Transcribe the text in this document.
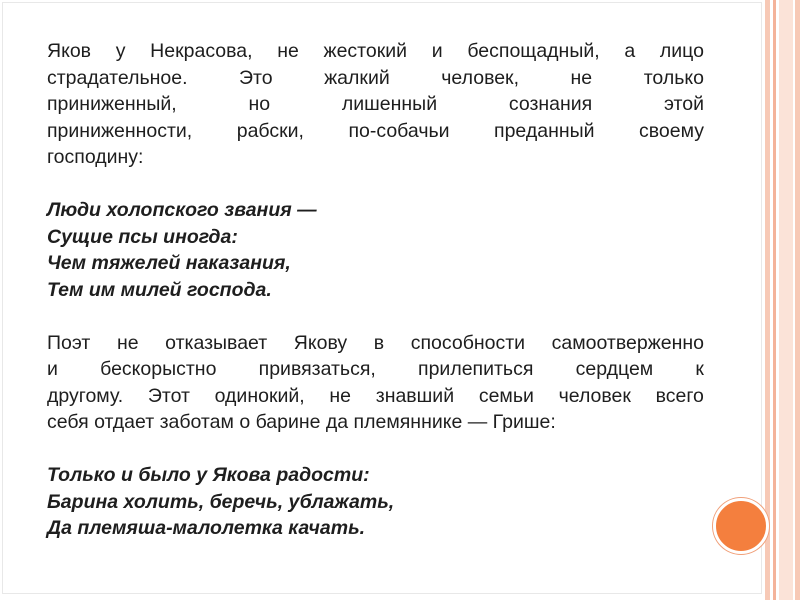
Яков у Некрасова, не жестокий и беспощадный, а лицо
страдательное.	Это	жалкий	человек,	не	только
приниженный,	но	лишенный	сознания	этой
приниженности, рабски, по-собачьи преданный своему
господину:
Люди холопского звания —
Сущие псы иногда:
Чем тяжелей наказания,
Тем им милей господа.
Поэт не отказывает Якову в способности самоотверженно
и бескорыстно привязаться, прилепиться сердцем к
другому. Этот одинокий, не знавший семьи человек всего
себя отдает заботам о барине да племяннике — Грише:
Только и было у Якова радости:
Барина холить, беречь, ублажать,
Да племяша-малолетка качать.
